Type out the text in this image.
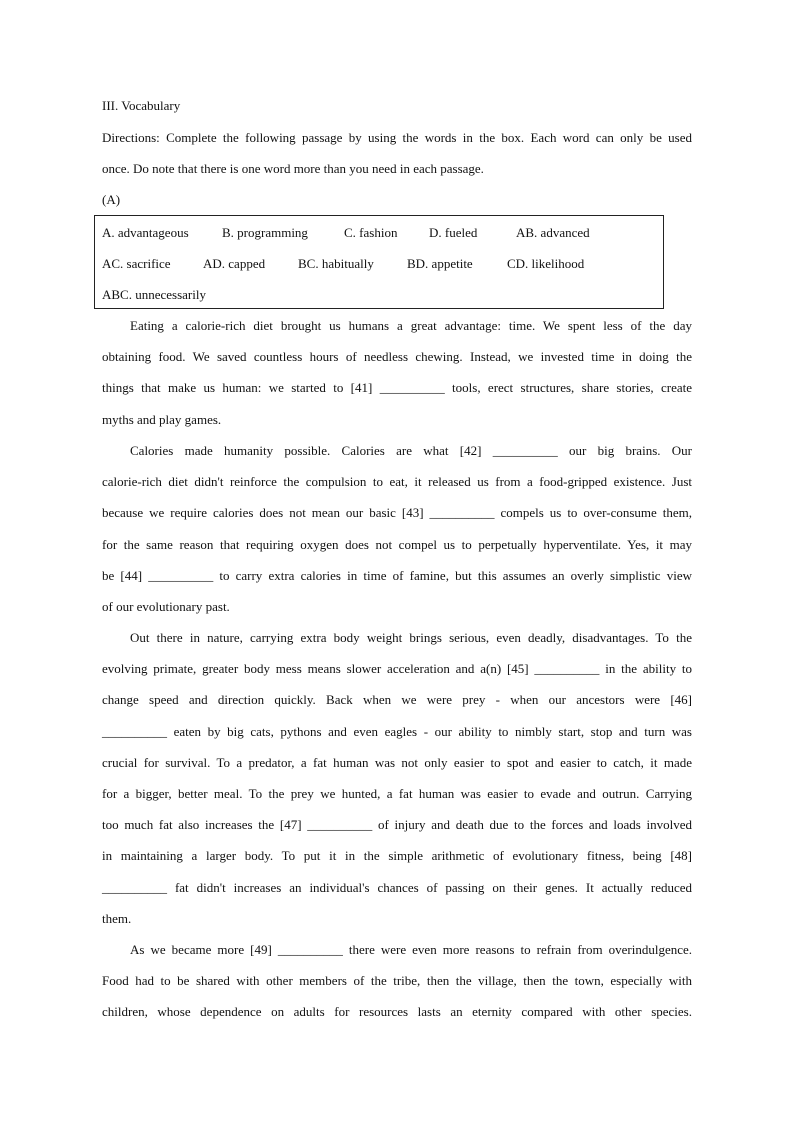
III. Vocabulary
Directions: Complete the following passage by using the words in the box. Each word can only be used
once. Do note that there is one word more than you need in each passage.
(A)
A. advantageous	B. programming	C. fashion D. fueled	AB. advanced
AC. sacrifice AD. capped	BC. habitually	BD. appetite	CD. likelihood
ABC. unnecessarily
Eating a calorie-rich diet brought us humans a great advantage: time. We spent less of the day
obtaining food. We saved countless hours of needless chewing. Instead, we invested time in doing the
things that make us human: we started to [41] __________ tools, erect structures, share stories, create
myths and play games.
Calories made humanity possible. Calories are what [42] __________ our big brains. Our
calorie-rich diet didn't reinforce the compulsion to eat, it released us from a food-gripped existence. Just
because we require calories does not mean our basic [43] __________ compels us to over-consume them,
for the same reason that requiring oxygen does not compel us to perpetually hyperventilate. Yes, it may
be [44] __________ to carry extra calories in time of famine, but this assumes an overly simplistic view
of our evolutionary past.
Out there in nature, carrying extra body weight brings serious, even deadly, disadvantages. To the
evolving primate, greater body mess means slower acceleration and a(n) [45] __________ in the ability to
change speed and direction quickly. Back when we were prey - when our ancestors were [46]
__________ eaten by big cats, pythons and even eagles - our ability to nimbly start, stop and turn was
crucial for survival. To a predator, a fat human was not only easier to spot and easier to catch, it made
for a bigger, better meal. To the prey we hunted, a fat human was easier to evade and outrun. Carrying
too much fat also increases the [47] __________ of injury and death due to the forces and loads involved
in maintaining a larger body. To put it in the simple arithmetic of evolutionary fitness, being [48]
__________ fat didn't increases an individual's chances of passing on their genes. It actually reduced
them.
As we became more [49] __________ there were even more reasons to refrain from overindulgence.
Food had to be shared with other members of the tribe, then the village, then the town, especially with
children, whose dependence on adults for resources lasts an eternity compared with other species.
